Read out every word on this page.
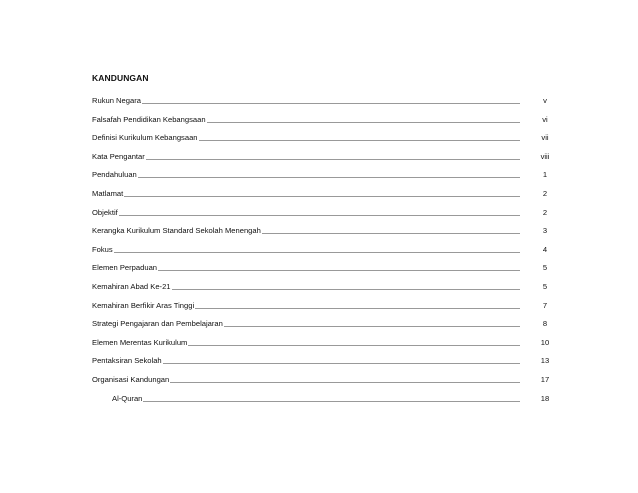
KANDUNGAN
Rukun Negara	v
Falsafah Pendidikan Kebangsaan	vi
Definisi Kurikulum Kebangsaan	vii
Kata Pengantar	viii
Pendahuluan	1
Matlamat	2
Objektif	2
Kerangka Kurikulum Standard Sekolah Menengah	3
Fokus	4
Elemen Perpaduan	5
Kemahiran Abad Ke-21	5
Kemahiran Berfikir Aras Tinggi	7
Strategi Pengajaran dan Pembelajaran	8
Elemen Merentas Kurikulum	10
Pentaksiran Sekolah	13
Organisasi Kandungan	17
Al-Quran	18
